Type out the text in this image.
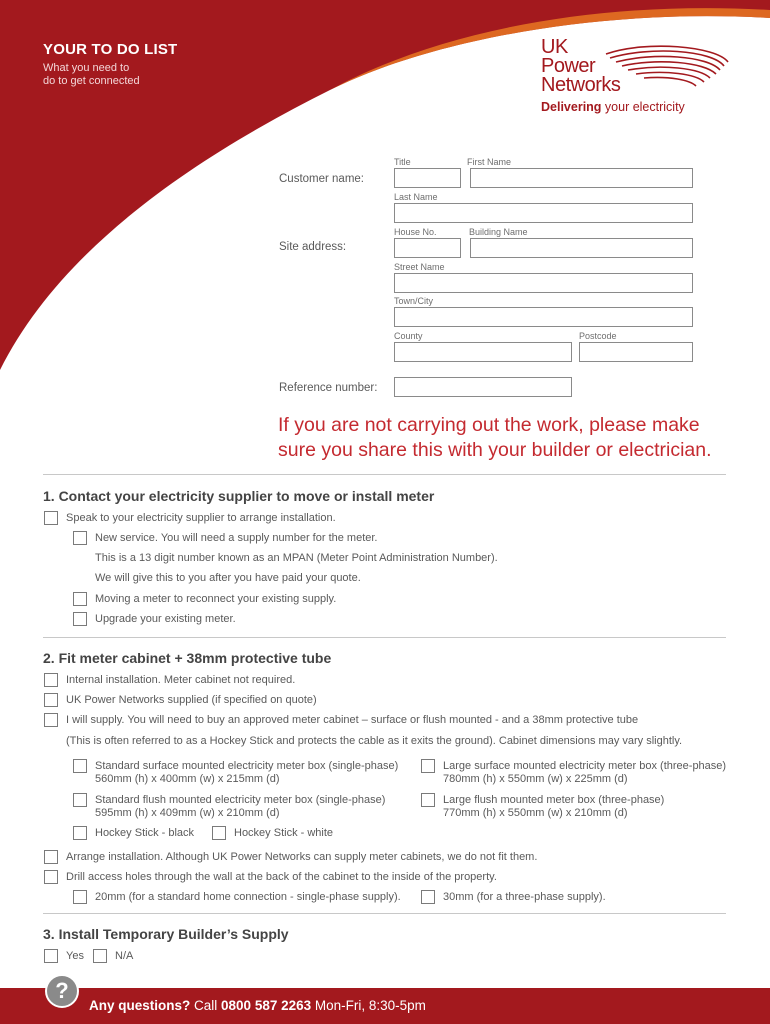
YOUR TO DO LIST
What you need to
do to get connected
UK
Power
Networks
Delivering your electricity
Title	First Name
Customer name:
Last Name
House No.	Building Name
Site address:
Street Name
Town/City
County	Postcode
Reference number:
If you are not carrying out the work, please make sure you share this with your builder or electrician.
1. Contact your electricity supplier to move or install meter
Speak to your electricity supplier to arrange installation.
New service. You will need a supply number for the meter.
This is a 13 digit number known as an MPAN (Meter Point Administration Number).
We will give this to you after you have paid your quote.
Moving a meter to reconnect your existing supply.
Upgrade your existing meter.
2. Fit meter cabinet + 38mm protective tube
Internal installation. Meter cabinet not required.
UK Power Networks supplied (if specified on quote)
I will supply. You will need to buy an approved meter cabinet – surface or flush mounted - and a 38mm protective tube
(This is often referred to as a Hockey Stick and protects the cable as it exits the ground). Cabinet dimensions may vary slightly.
Standard surface mounted electricity meter box (single-phase)
560mm (h) x 400mm (w) x 215mm (d)
Large surface mounted electricity meter box (three-phase)
780mm (h) x 550mm (w) x 225mm (d)
Standard flush mounted electricity meter box (single-phase)
595mm (h) x 409mm (w) x 210mm (d)
Large flush mounted meter box (three-phase)
770mm (h) x 550mm (w) x 210mm (d)
Hockey Stick - black	Hockey Stick - white
Arrange installation. Although UK Power Networks can supply meter cabinets, we do not fit them.
Drill access holes through the wall at the back of the cabinet to the inside of the property.
20mm (for a standard home connection - single-phase supply).	30mm (for a three-phase supply).
3. Install Temporary Builder’s Supply
Yes	N/A
?
Any questions? Call 0800 587 2263 Mon-Fri, 8:30-5pm
